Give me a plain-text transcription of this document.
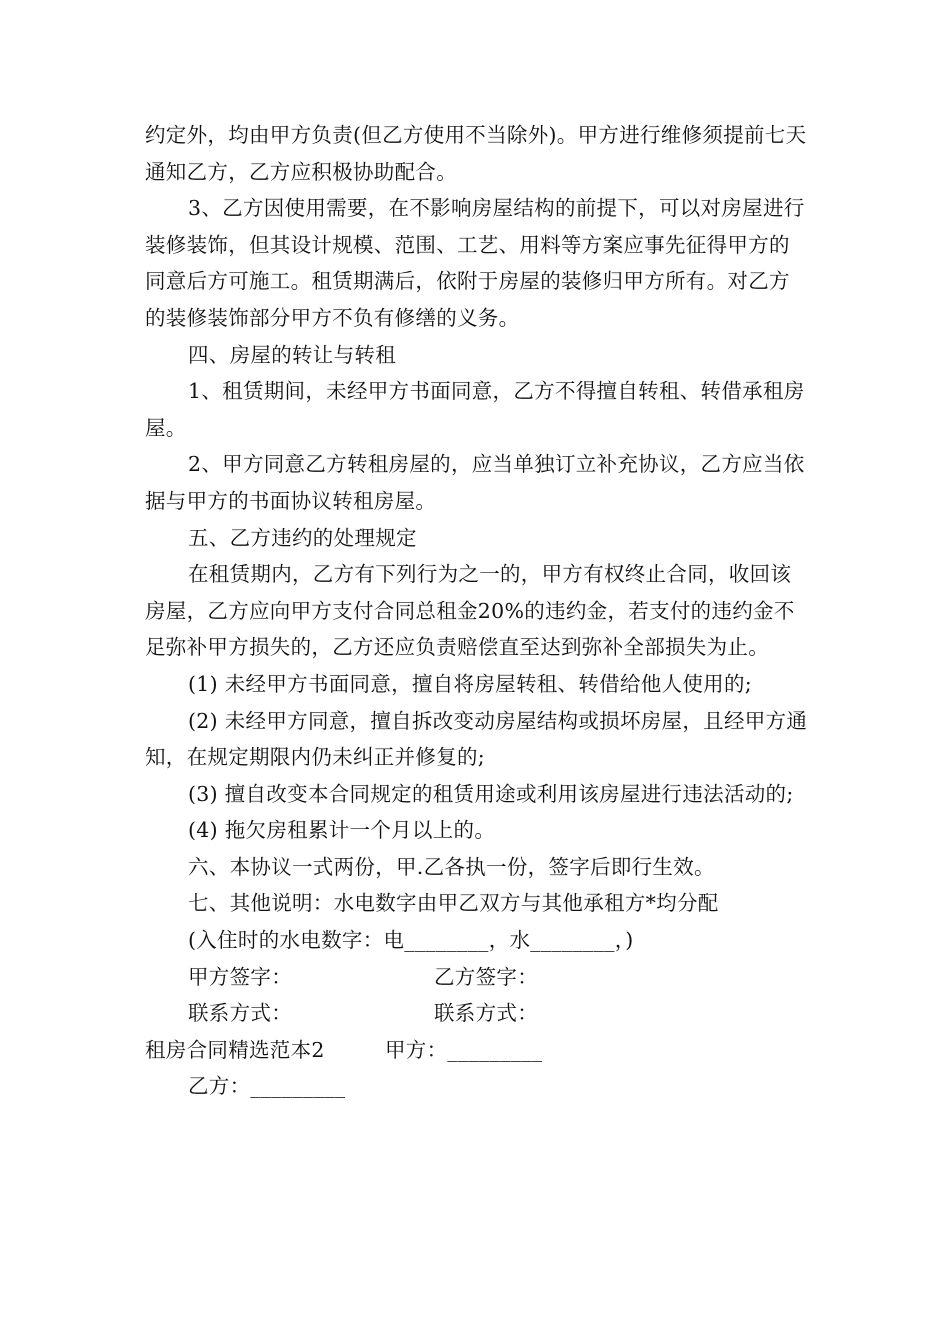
约定外，均由甲方负责(但乙方使用不当除外)。甲方进行维修须提前七天通知乙方，乙方应积极协助配合。

3、乙方因使用需要，在不影响房屋结构的前提下，可以对房屋进行装修装饰，但其设计规模、范围、工艺、用料等方案应事先征得甲方的同意后方可施工。租赁期满后，依附于房屋的装修归甲方所有。对乙方的装修装饰部分甲方不负有修缮的义务。

四、房屋的转让与转租

1、租赁期间，未经甲方书面同意，乙方不得擅自转租、转借承租房屋。

2、甲方同意乙方转租房屋的，应当单独订立补充协议，乙方应当依据与甲方的书面协议转租房屋。

五、乙方违约的处理规定

在租赁期内，乙方有下列行为之一的，甲方有权终止合同，收回该房屋，乙方应向甲方支付合同总租金20%的违约金，若支付的违约金不足弥补甲方损失的，乙方还应负责赔偿直至达到弥补全部损失为止。

(1) 未经甲方书面同意，擅自将房屋转租、转借给他人使用的;

(2) 未经甲方同意，擅自拆改变动房屋结构或损坏房屋，且经甲方通知，在规定期限内仍未纠正并修复的;

(3) 擅自改变本合同规定的租赁用途或利用该房屋进行违法活动的;

(4) 拖欠房租累计一个月以上的。

六、本协议一式两份，甲.乙各执一份，签字后即行生效。

七、其他说明：水电数字由甲乙双方与其他承租方*均分配

(入住时的水电数字：电________，水________，)

甲方签字：	乙方签字：
联系方式：	联系方式：
租房合同精选范本2	甲方：_________
乙方：_________
